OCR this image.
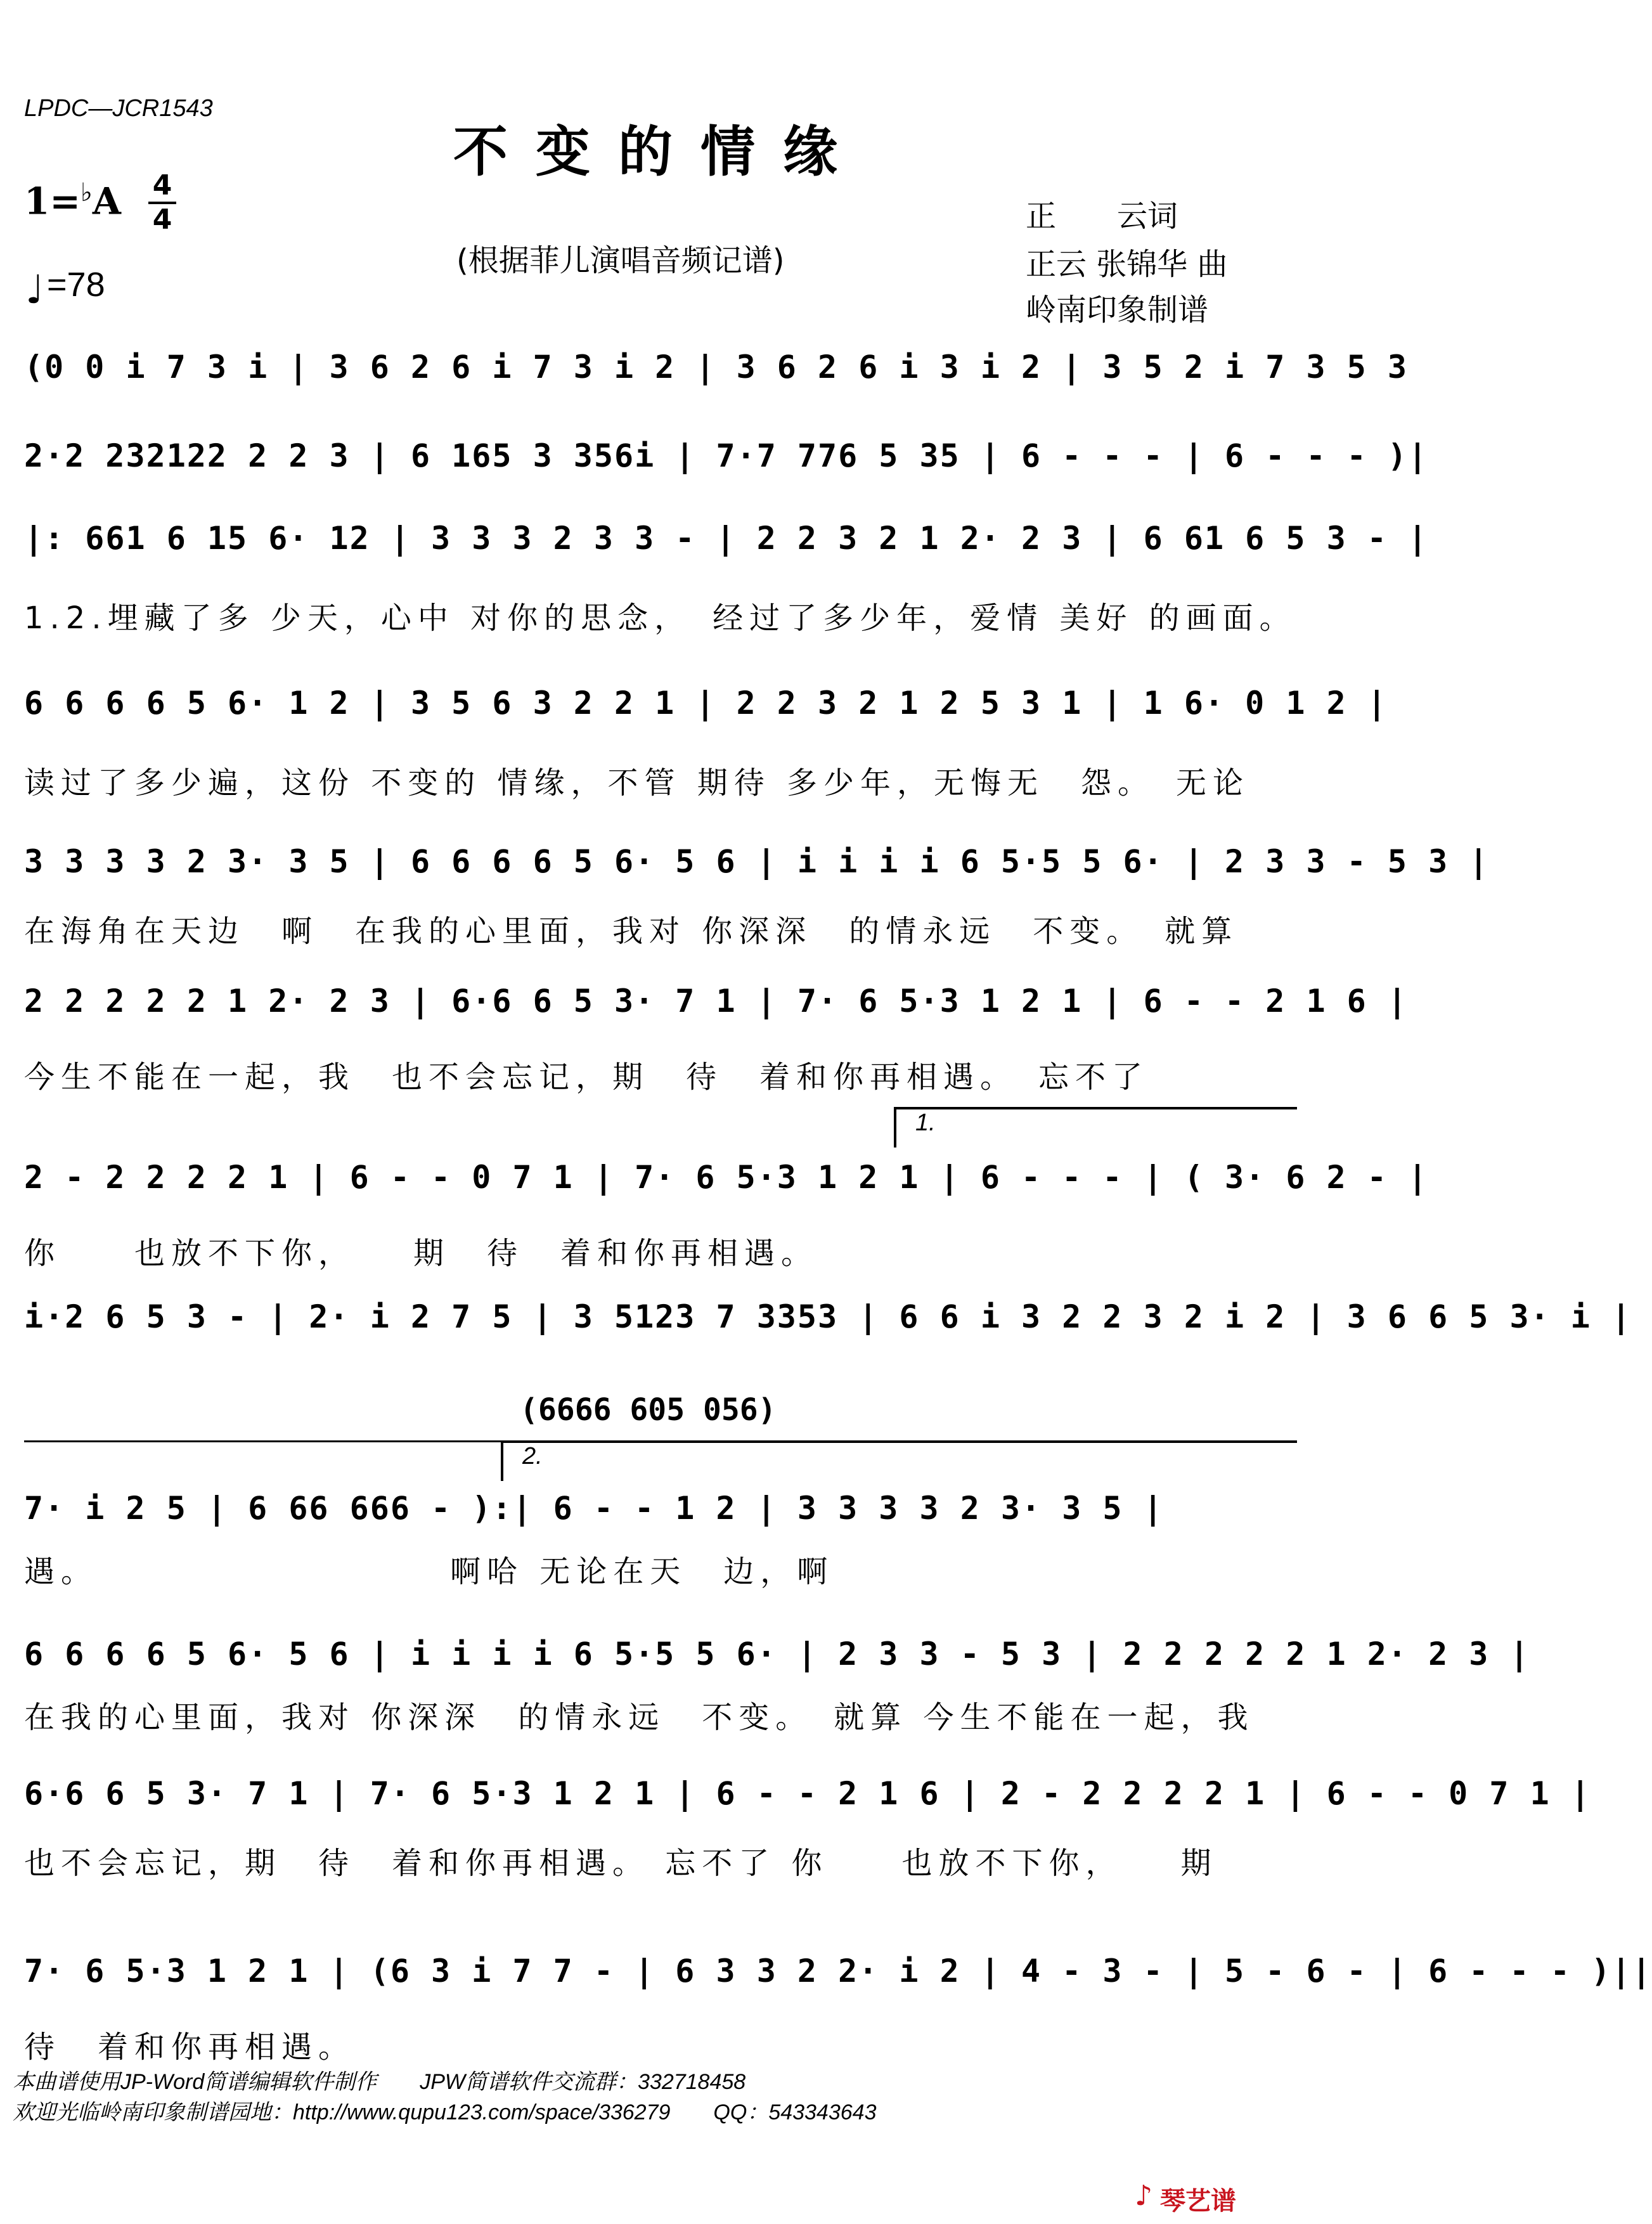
LPDC—JCR1543
不变的情缘
1=♭A 4
4
♩ =78
(根据菲儿演唱音频记谱)
正　　云词
正云 张锦华 曲
岭南印象制谱
(0 0 i 7 3 i | 3 6 2 6 i 7 3 i 2 | 3 6 2 6 i 3 i 2 | 3 5 2 i 7 3 5 3
2·2 232122 2 2 3 | 6 165 3 356i | 7·7 776 5 35 | 6 - - - | 6 - - - )|
|: 661 6 15 6· 12 | 3 3 3 2 3 3 - | 2 2 3 2 1 2· 2 3 | 6 61 6 5 3 - |
1.2.埋藏了多 少天，心中 对你的思念，　经过了多少年，爱情 美好 的画面。
6 6 6 6 5 6· 1 2 | 3 5 6 3 2 2 1 | 2 2 3 2 1 2 5 3 1 | 1 6· 0 1 2 |
读过了多少遍，这份 不变的 情缘，不管 期待 多少年，无悔无　怨。　无论
3 3 3 3 2 3· 3 5 | 6 6 6 6 5 6· 5 6 | i i i i 6 5·5 5 6· | 2 3 3 - 5 3 |
在海角在天边　啊　在我的心里面，我对 你深深　的情永远　不变。　就算
2 2 2 2 2 1 2· 2 3 | 6·6 6 5 3· 7 1 | 7· 6 5·3 1 2 1 | 6 - - 2 1 6 |
今生不能在一起，我　也不会忘记，期　待　着和你再相遇。　忘不了
1.
2 - 2 2 2 2 1 | 6 - - 0 7 1 | 7· 6 5·3 1 2 1 | 6 - - - | ( 3· 6 2 - |
你　　也放不下你，　　期　待　着和你再相遇。
i·2 6 5 3 - | 2· i 2 7 5 | 3 5123 7 3353 | 6 6 i 3 2 2 3 2 i 2 | 3 6 6 5 3· i |
(6666 605 056)
2.
7· i 2 5 | 6 66 666 - ):| 6 - - 1 2 | 3 3 3 3 2 3· 3 5 |
遇。　　　　　　　　　　啊哈 无论在天　边，啊
6 6 6 6 5 6· 5 6 | i i i i 6 5·5 5 6· | 2 3 3 - 5 3 | 2 2 2 2 2 1 2· 2 3 |
在我的心里面，我对 你深深　的情永远　不变。　就算 今生不能在一起，我
6·6 6 5 3· 7 1 | 7· 6 5·3 1 2 1 | 6 - - 2 1 6 | 2 - 2 2 2 2 1 | 6 - - 0 7 1 |
也不会忘记，期　待　着和你再相遇。 忘不了 你　　也放不下你，　　期
7· 6 5·3 1 2 1 | (6 3 i 7 7 - | 6 3 3 2 2· i 2 | 4 - 3 - | 5 - 6 - | 6 - - - )||
待　着和你再相遇。
本曲谱使用JP-Word简谱编辑软件制作　　JPW简谱软件交流群：332718458
欢迎光临岭南印象制谱园地：http://www.qupu123.com/space/336279　　QQ：543343643
♪ 琴艺谱
